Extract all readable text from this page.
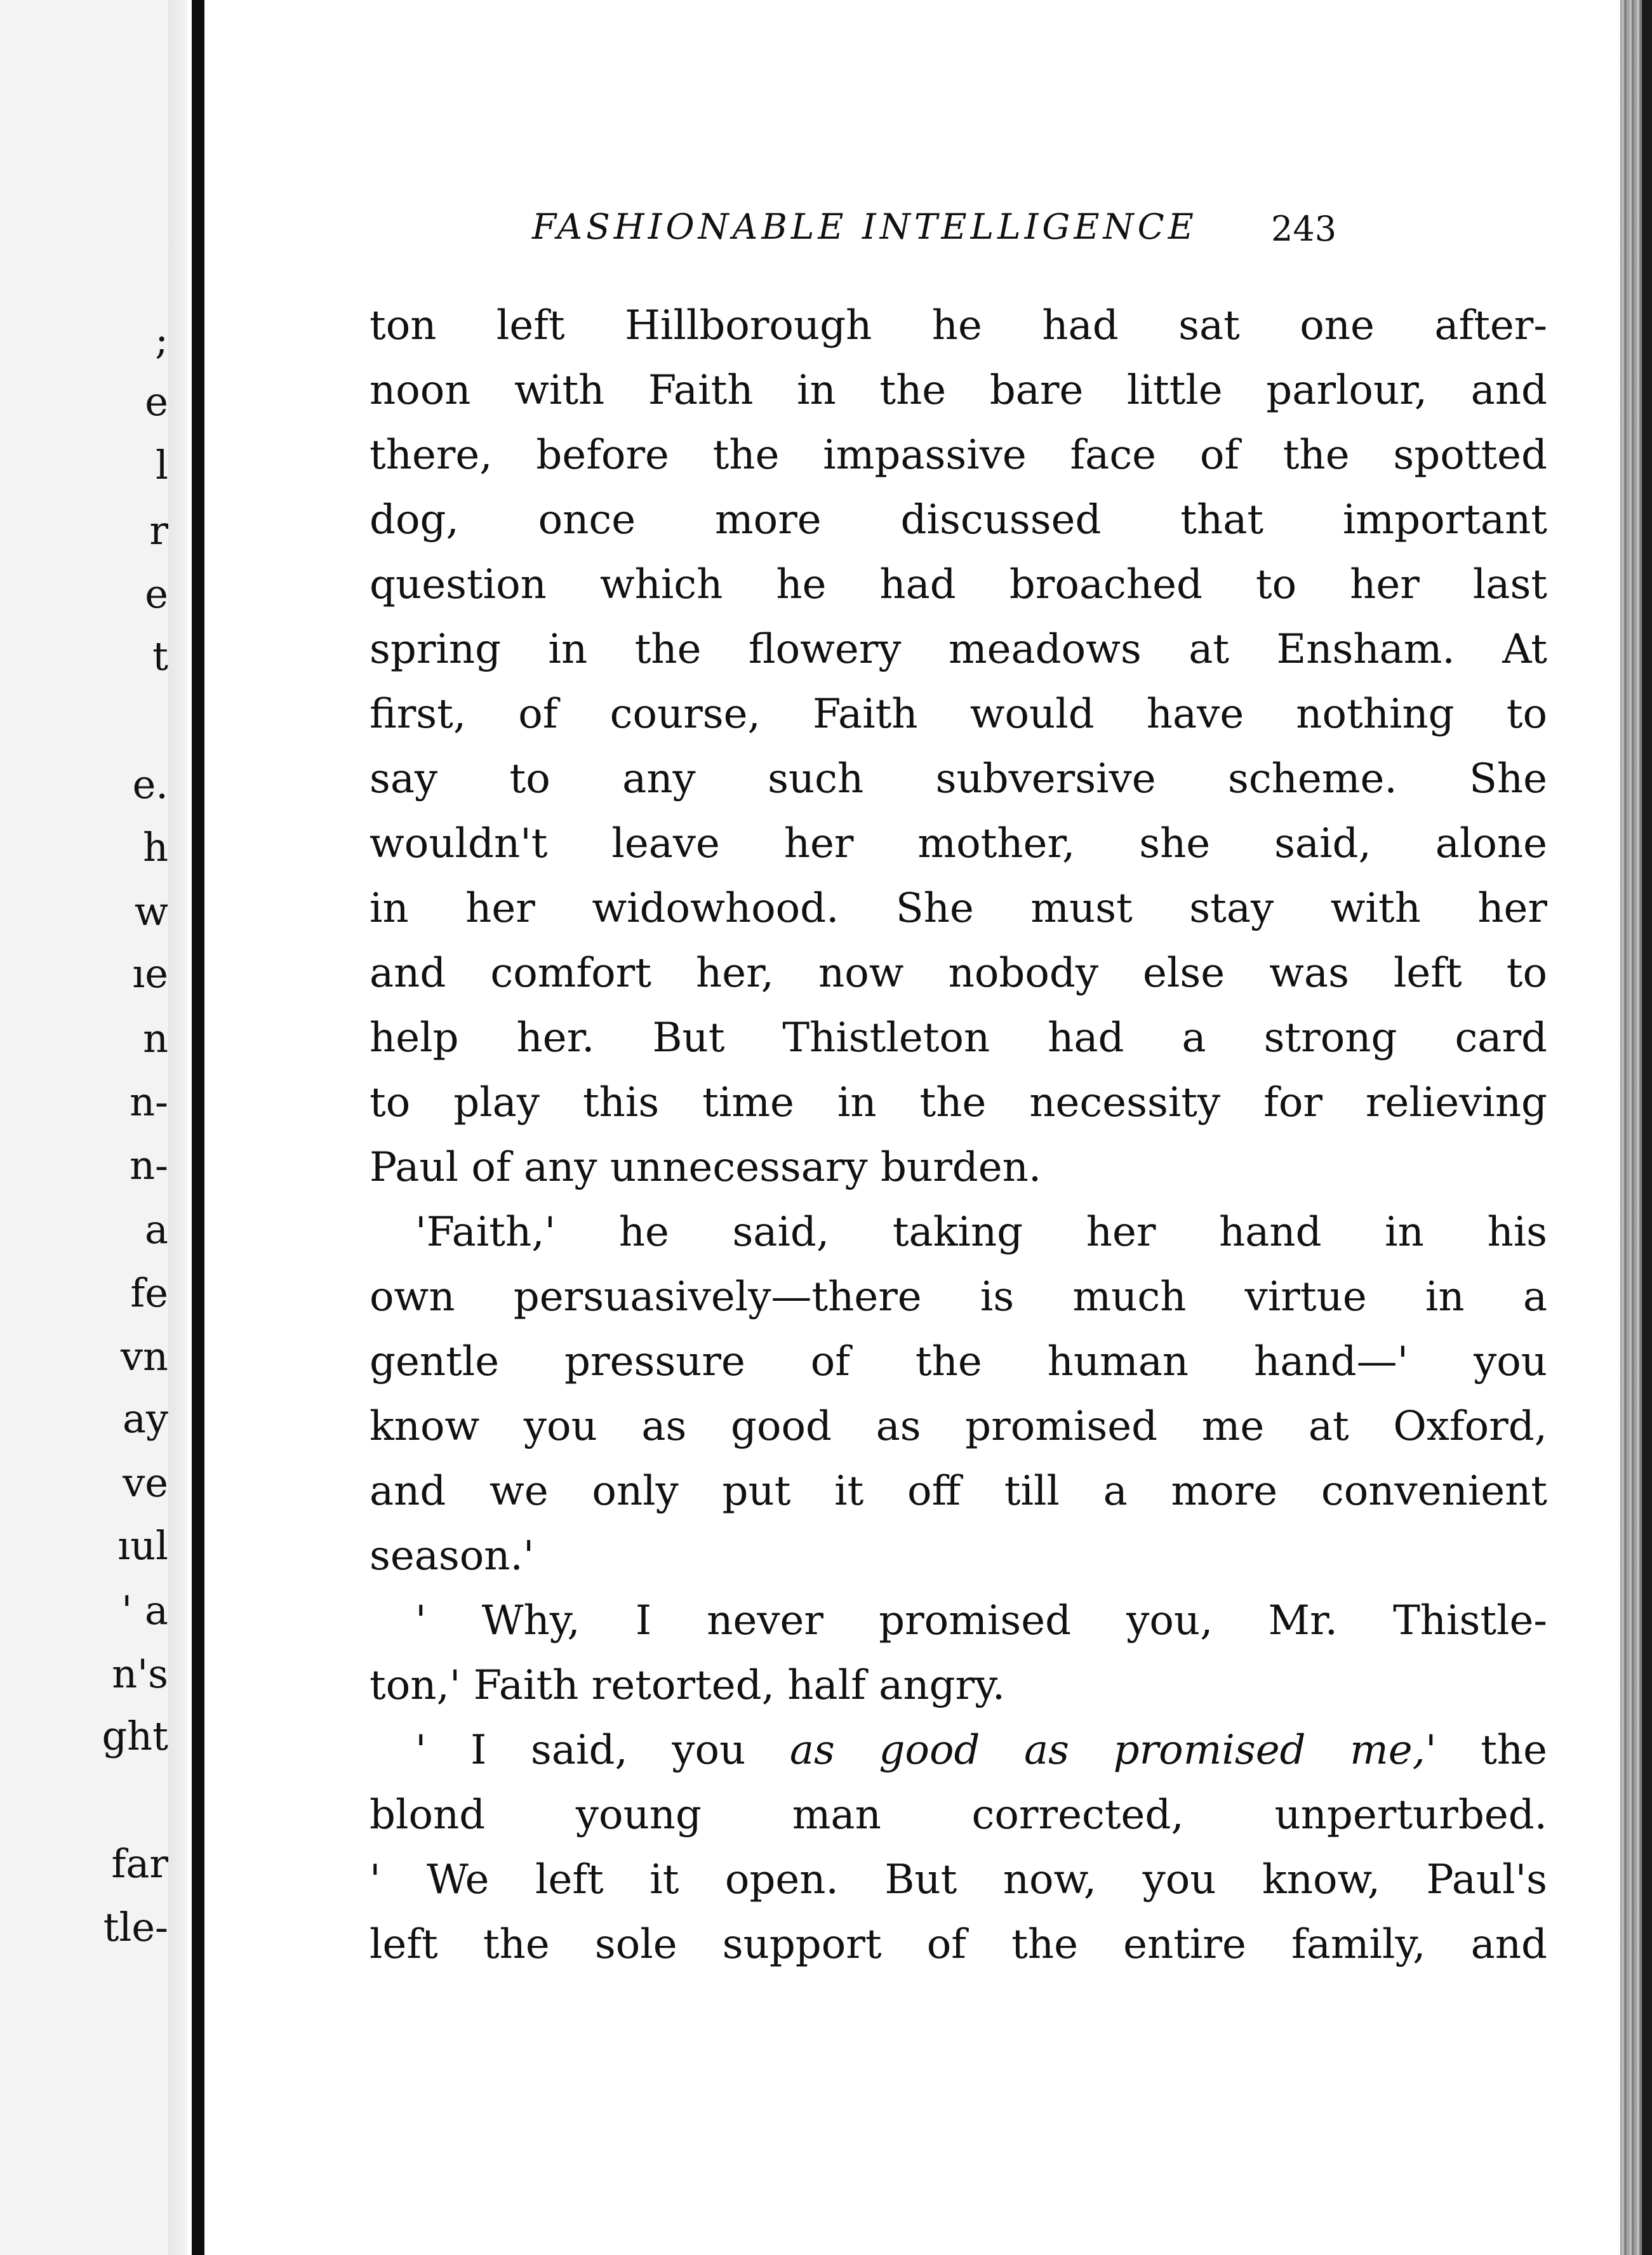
;
e
l
r
e
t
e.
h
w
ıe
n
n-
n-
a
fe
vn
ay
ve
ıul
' a
n's
ght
far
tle-
FASHIONABLE INTELLIGENCE 243
ton left Hillborough he had sat one after-
noon with Faith in the bare little parlour, and
there, before the impassive face of the spotted
dog, once more discussed that important
question which he had broached to her last
spring in the flowery meadows at Ensham. At
first, of course, Faith would have nothing to
say to any such subversive scheme. She
wouldn't leave her mother, she said, alone
in her widowhood. She must stay with her
and comfort her, now nobody else was left to
help her. But Thistleton had a strong card
to play this time in the necessity for relieving
Paul of any unnecessary burden.
'Faith,' he said, taking her hand in his
own persuasively—there is much virtue in a
gentle pressure of the human hand—' you
know you as good as promised me at Oxford,
and we only put it off till a more convenient
season.'
' Why, I never promised you, Mr. Thistle-
ton,' Faith retorted, half angry.
' I said, you as good as promised me,' the
blond young man corrected, unperturbed.
' We left it open. But now, you know, Paul's
left the sole support of the entire family, and
